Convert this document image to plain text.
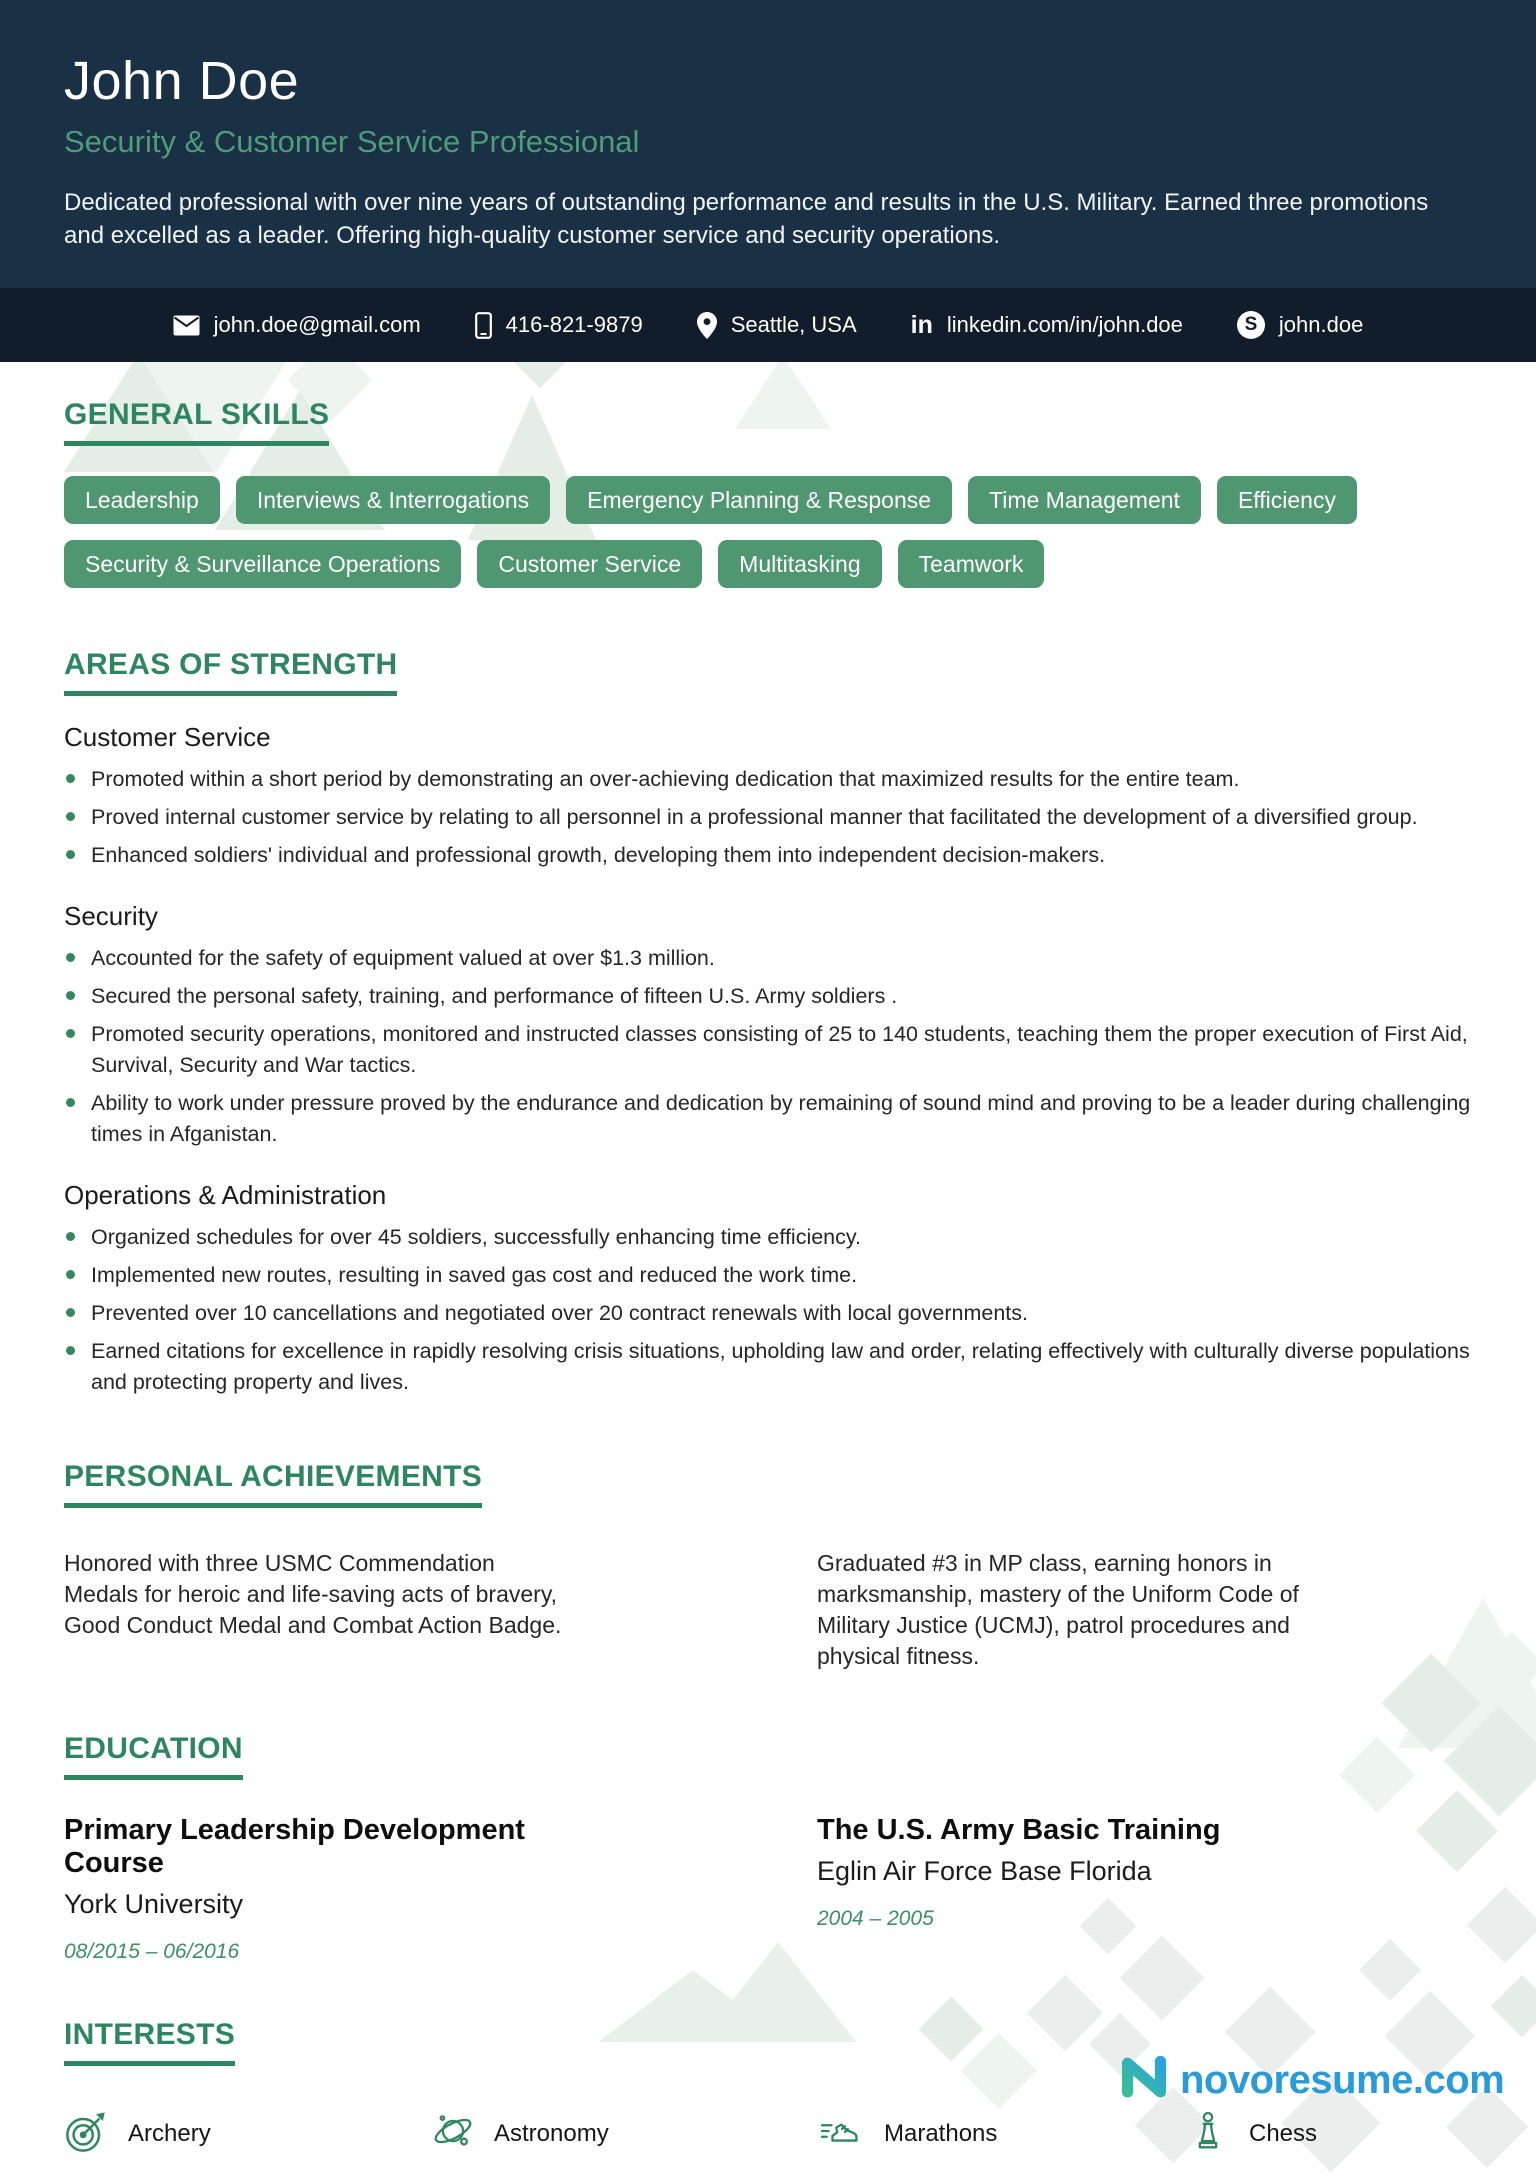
John Doe
Security & Customer Service Professional
Dedicated professional with over nine years of outstanding performance and results in the U.S. Military. Earned three promotions and excelled as a leader. Offering high-quality customer service and security operations.
john.doe@gmail.com	416-821-9879	Seattle, USA in linkedin.com/in/john.doe	S john.doe
GENERAL SKILLS
Leadership	Interviews & Interrogations	Emergency Planning & Response	Time Management	Efficiency
Security & Surveillance Operations	Customer Service	Multitasking	Teamwork
AREAS OF STRENGTH
Customer Service
Promoted within a short period by demonstrating an over-achieving dedication that maximized results for the entire team.
Proved internal customer service by relating to all personnel in a professional manner that facilitated the development of a diversified group.
Enhanced soldiers' individual and professional growth, developing them into independent decision-makers.
Security
Accounted for the safety of equipment valued at over $1.3 million.
Secured the personal safety, training, and performance of fifteen U.S. Army soldiers .
Promoted security operations, monitored and instructed classes consisting of 25 to 140 students, teaching them the proper execution of First Aid, Survival, Security and War tactics.
Ability to work under pressure proved by the endurance and dedication by remaining of sound mind and proving to be a leader during challenging times in Afganistan.
Operations & Administration
Organized schedules for over 45 soldiers, successfully enhancing time efficiency.
Implemented new routes, resulting in saved gas cost and reduced the work time.
Prevented over 10 cancellations and negotiated over 20 contract renewals with local governments.
Earned citations for excellence in rapidly resolving crisis situations, upholding law and order, relating effectively with culturally diverse populations and protecting property and lives.
PERSONAL ACHIEVEMENTS
Honored with three USMC Commendation Medals for heroic and life-saving acts of bravery, Good Conduct Medal and Combat Action Badge.
Graduated #3 in MP class, earning honors in marksmanship, mastery of the Uniform Code of Military Justice (UCMJ), patrol procedures and physical fitness.
EDUCATION
Primary Leadership Development Course
York University
08/2015 – 06/2016
The U.S. Army Basic Training
Eglin Air Force Base Florida
2004 – 2005
INTERESTS
Archery	Astronomy	Marathons	Chess
novoresume.com
